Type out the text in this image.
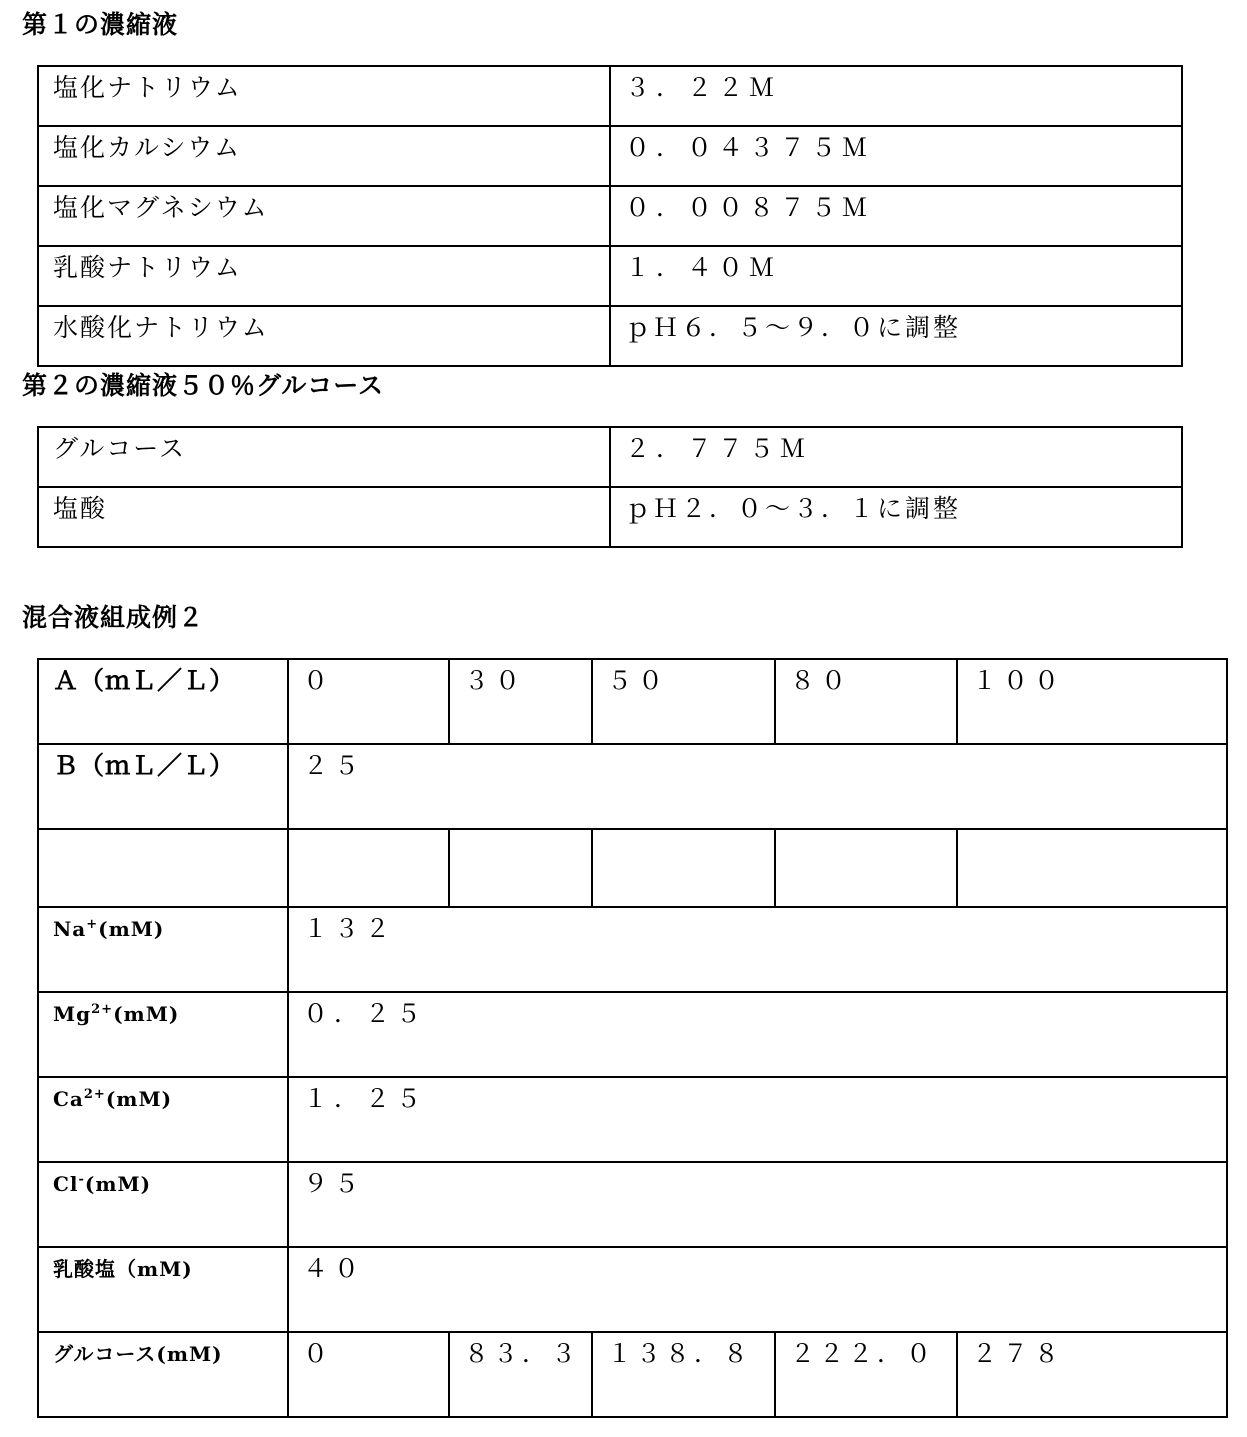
第１の濃縮液
塩化ナトリウム	３．２２Ｍ
塩化カルシウム	０．０４３７５Ｍ
塩化マグネシウム	０．００８７５Ｍ
乳酸ナトリウム	１．４０Ｍ
水酸化ナトリウム	ｐＨ６．５〜９．０に調整
第２の濃縮液５０％グルコース
グルコース	２．７７５Ｍ
塩酸	ｐＨ２．０〜３．１に調整
混合液組成例２
Ａ（ｍＬ／Ｌ）	０	３０	５０	８０	１００
Ｂ（ｍＬ／Ｌ）	２５				

Na+(mM)	１３２				
$Mg^{2+}(mM)$	０．２５				
$Ca^{2+}(mM)$	１．２５				
Cl-(mM)	９５				
乳酸塩（mM)	４０				
グルコース(mM)	０	８３．３	１３８．８	２２２．０	２７８
